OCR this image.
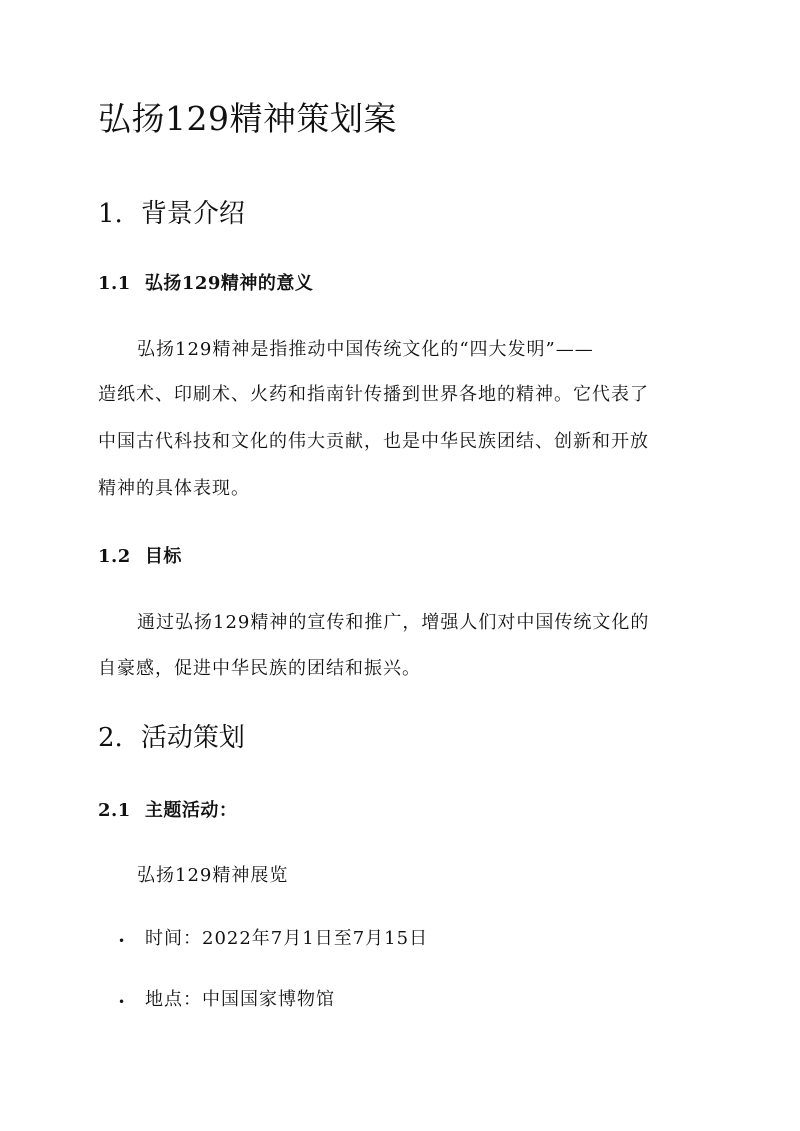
弘扬129精神策划案
1. 背景介绍
1.1 弘扬129精神的意义
弘扬129精神是指推动中国传统文化的“四大发明”——
造纸术、印刷术、火药和指南针传播到世界各地的精神。它代表了
中国古代科技和文化的伟大贡献，也是中华民族团结、创新和开放
精神的具体表现。
1.2 目标
通过弘扬129精神的宣传和推广，增强人们对中国传统文化的
自豪感，促进中华民族的团结和振兴。
2. 活动策划
2.1 主题活动：
弘扬129精神展览
• 时间：2022年7月1日至7月15日
• 地点：中国国家博物馆
